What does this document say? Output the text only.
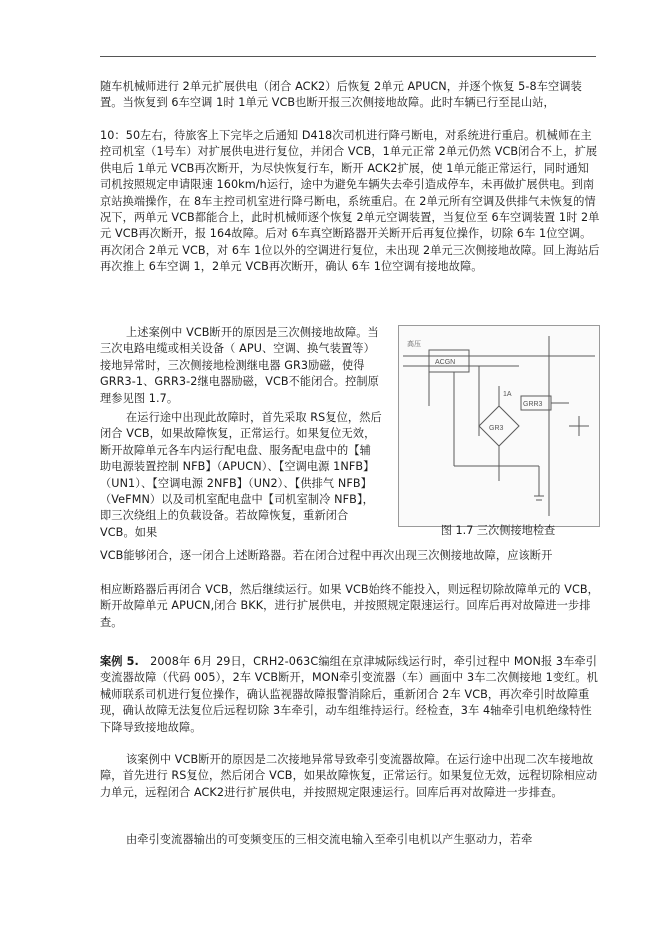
随车机械师进行 2单元扩展供电（闭合 ACK2）后恢复 2单元 APUCN，并逐个恢复 5-8车空调装置。当恢复到 6车空调 1时 1单元 VCB也断开报三次侧接地故障。此时车辆已行至昆山站，

10：50左右，待旅客上下完毕之后通知 D418次司机进行降弓断电，对系统进行重启。机械师在主控司机室（1号车）对扩展供电进行复位，并闭合 VCB，1单元正常 2单元仍然 VCB闭合不上，扩展供电后 1单元 VCB再次断开，为尽快恢复行车，断开 ACK2扩展，使 1单元能正常运行，同时通知司机按照规定申请限速 160km/h运行，途中为避免车辆失去牵引造成停车，未再做扩展供电。到南京站换端操作，在 8车主控司机室进行降弓断电，系统重启。在 2单元所有空调及供排气未恢复的情况下，两单元 VCB都能合上，此时机械师逐个恢复 2单元空调装置，当复位至 6车空调装置 1时 2单元 VCB再次断开，报 164故障。后对 6车真空断路器开关断开后再复位操作，切除 6车 1位空调。再次闭合 2单元 VCB，对 6车 1位以外的空调进行复位，未出现 2单元三次侧接地故障。回上海站后再次推上 6车空调 1，2单元 VCB再次断开，确认 6车 1位空调有接地故障。

上述案例中 VCB断开的原因是三次侧接地故障。当三次电路电缆或相关设备（ APU、空调、换气装置等）接地异常时，三次侧接地检测继电器 GR3励磁，使得 GRR3-1、GRR3-2继电器励磁，VCB不能闭合。控制原理参见图 1.7。

在运行途中出现此故障时，首先采取 RS复位，然后闭合 VCB，如果故障恢复，正常运行。如果复位无效，断开故障单元各车内运行配电盘、服务配电盘中的【辅助电源装置控制 NFB】（APUCN）、【空调电源 1NFB】（UN1）、【空调电源 2NFB】（UN2）、【供排气 NFB】（VeFMN）以及司机室配电盘中【司机室制冷 NFB】，即三次绕组上的负载设备。若故障恢复，重新闭合 VCB。如果

VCB能够闭合，逐一闭合上述断路器。若在闭合过程中再次出现三次侧接地故障，应该断开

相应断路器后再闭合 VCB，然后继续运行。如果 VCB始终不能投入，则远程切除故障单元的 VCB，断开故障单元 APUCN,闭合 BKK，进行扩展供电，并按照规定限速运行。回库后再对故障进一步排查。

案例 5.　 2008年 6月 29日，CRH2-063C编组在京津城际线运行时，牵引过程中 MON报 3车牵引变流器故障（代码 005），2车 VCB断开，MON牵引变流器（车）画面中 3车二次侧接地 1变红。机械师联系司机进行复位操作，确认监视器故障报警消除后，重新闭合 2车 VCB，再次牵引时故障重现，确认故障无法复位后远程切除 3车牵引，动车组维持运行。经检查，3车 4轴牵引电机绝缘特性下降导致接地故障。

该案例中 VCB断开的原因是二次接地异常导致牵引变流器故障。在运行途中出现二次车接地故障，首先进行 RS复位，然后闭合 VCB，如果故障恢复，正常运行。如果复位无效，远程切除相应动力单元，远程闭合 ACK2进行扩展供电，并按照规定限速运行。回库后再对故障进一步排查。

由牵引变流器输出的可变频变压的三相交流电输入至牵引电机以产生驱动力，若牵

高压
ACGN
GRR3
GR3
1A
图 1.7 三次侧接地检查
